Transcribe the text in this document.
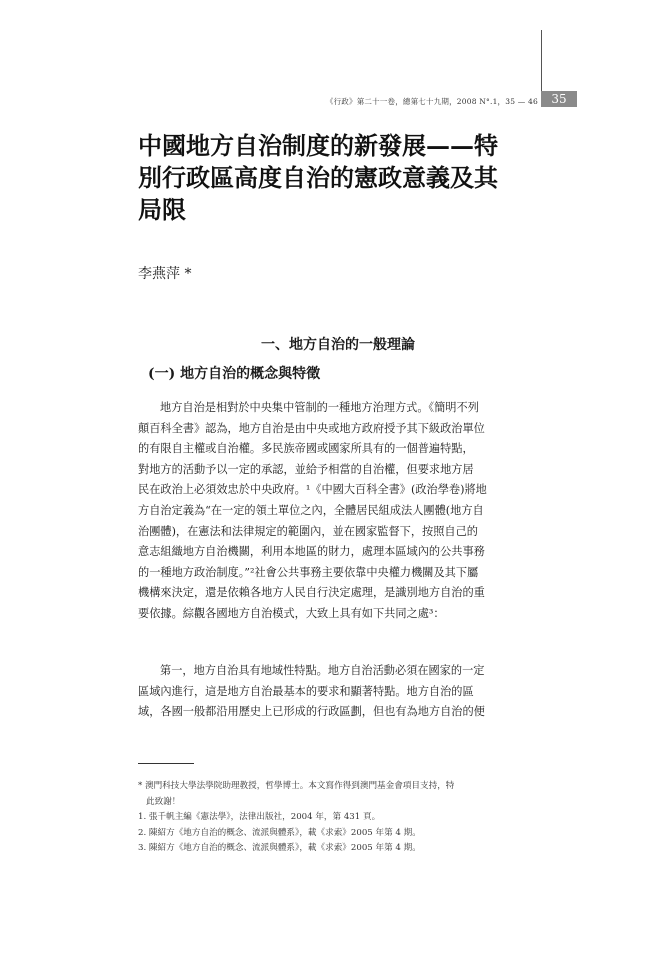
《行政》第二十一卷，總第七十九期，2008 N°.1，35 — 46	35
中國地方自治制度的新發展——特
別行政區高度自治的憲政意義及其
局限
李燕萍 *
一、地方自治的一般理論
(一) 地方自治的概念與特徵
地方自治是相對於中央集中管制的一種地方治理方式。《簡明不列
顛百科全書》認為，地方自治是由中央或地方政府授予其下級政治單位
的有限自主權或自治權。多民族帝國或國家所具有的一個普遍特點，
對地方的活動予以一定的承認，並給予相當的自治權，但要求地方居
民在政治上必須效忠於中央政府。¹《中國大百科全書》(政治學卷)將地
方自治定義為“在一定的領土單位之內，全體居民組成法人團體(地方自
治團體)，在憲法和法律規定的範圍內，並在國家監督下，按照自己的
意志組織地方自治機關，利用本地區的財力，處理本區域內的公共事務
的一種地方政治制度。”²社會公共事務主要依靠中央權力機關及其下屬
機構來決定，還是依賴各地方人民自行決定處理，是識別地方自治的重
要依據。綜觀各國地方自治模式，大致上具有如下共同之處³：
第一，地方自治具有地域性特點。地方自治活動必須在國家的一定
區域內進行，這是地方自治最基本的要求和顯著特點。地方自治的區
域，各國一般都沿用歷史上已形成的行政區劃，但也有為地方自治的便
* 澳門科技大學法學院助理教授，哲學博士。本文寫作得到澳門基金會項目支持，特
此致謝！
1. 張千帆主編《憲法學》，法律出版社，2004 年，第 431 頁。
2. 陳紹方《地方自治的概念、流派與體系》，載《求索》2005 年第 4 期。
3. 陳紹方《地方自治的概念、流派與體系》，載《求索》2005 年第 4 期。
